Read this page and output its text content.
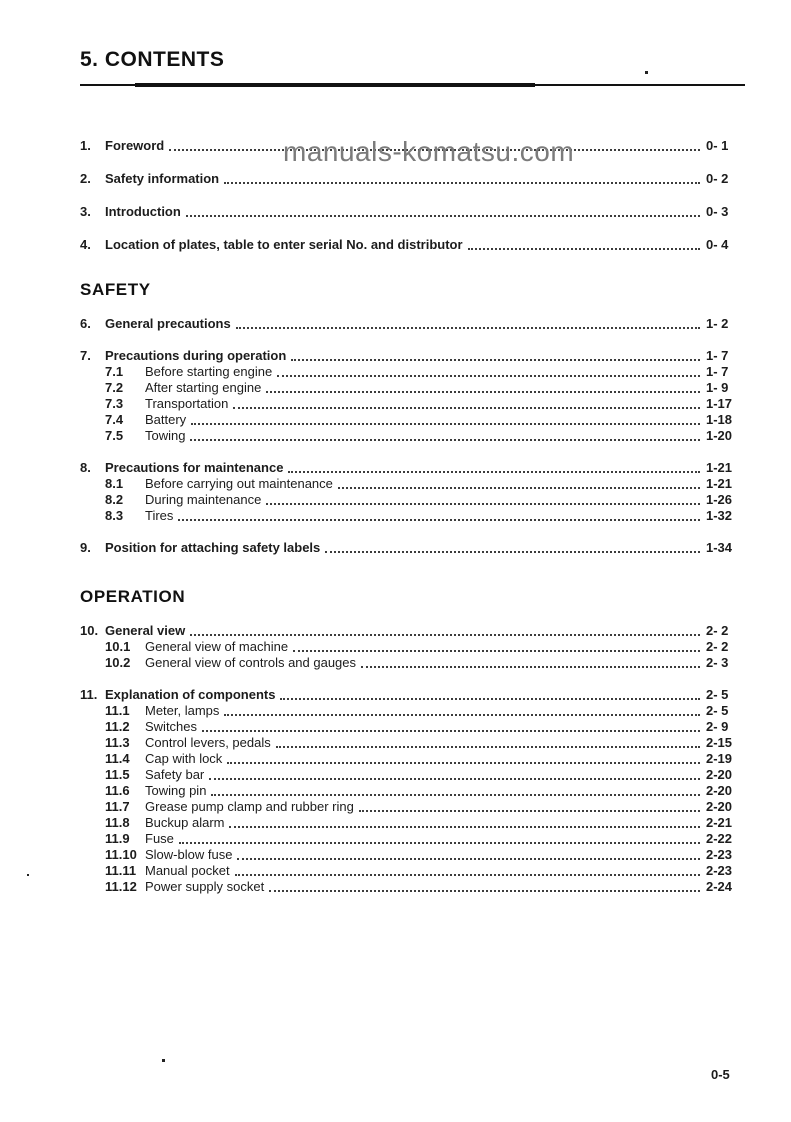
5. CONTENTS
1.	Foreword	0- 1
2.	Safety information	0- 2
3.	Introduction	0- 3
4.	Location of plates, table to enter serial No. and distributor	0- 4
SAFETY
6.	General precautions	1- 2
7.	Precautions during operation	1- 7
7.1	Before starting engine	1- 7
7.2	After starting engine	1- 9
7.3	Transportation	1-17
7.4	Battery	1-18
7.5	Towing	1-20
8.	Precautions for maintenance	1-21
8.1	Before carrying out maintenance	1-21
8.2	During maintenance	1-26
8.3	Tires	1-32
9.	Position for attaching safety labels	1-34
OPERATION
10. General view	2- 2
10.1	General view of machine	2- 2
10.2	General view of controls and gauges	2- 3
11. Explanation of components	2- 5
11.1	Meter, lamps	2- 5
11.2	Switches	2- 9
11.3	Control levers, pedals	2-15
11.4	Cap with lock	2-19
11.5	Safety bar	2-20
11.6	Towing pin	2-20
11.7	Grease pump clamp and rubber ring	2-20
11.8	Buckup alarm	2-21
11.9	Fuse	2-22
11.10 Slow-blow fuse	2-23
11.11 Manual pocket	2-23
11.12 Power supply socket	2-24
manuals-komatsu.com
0-5
